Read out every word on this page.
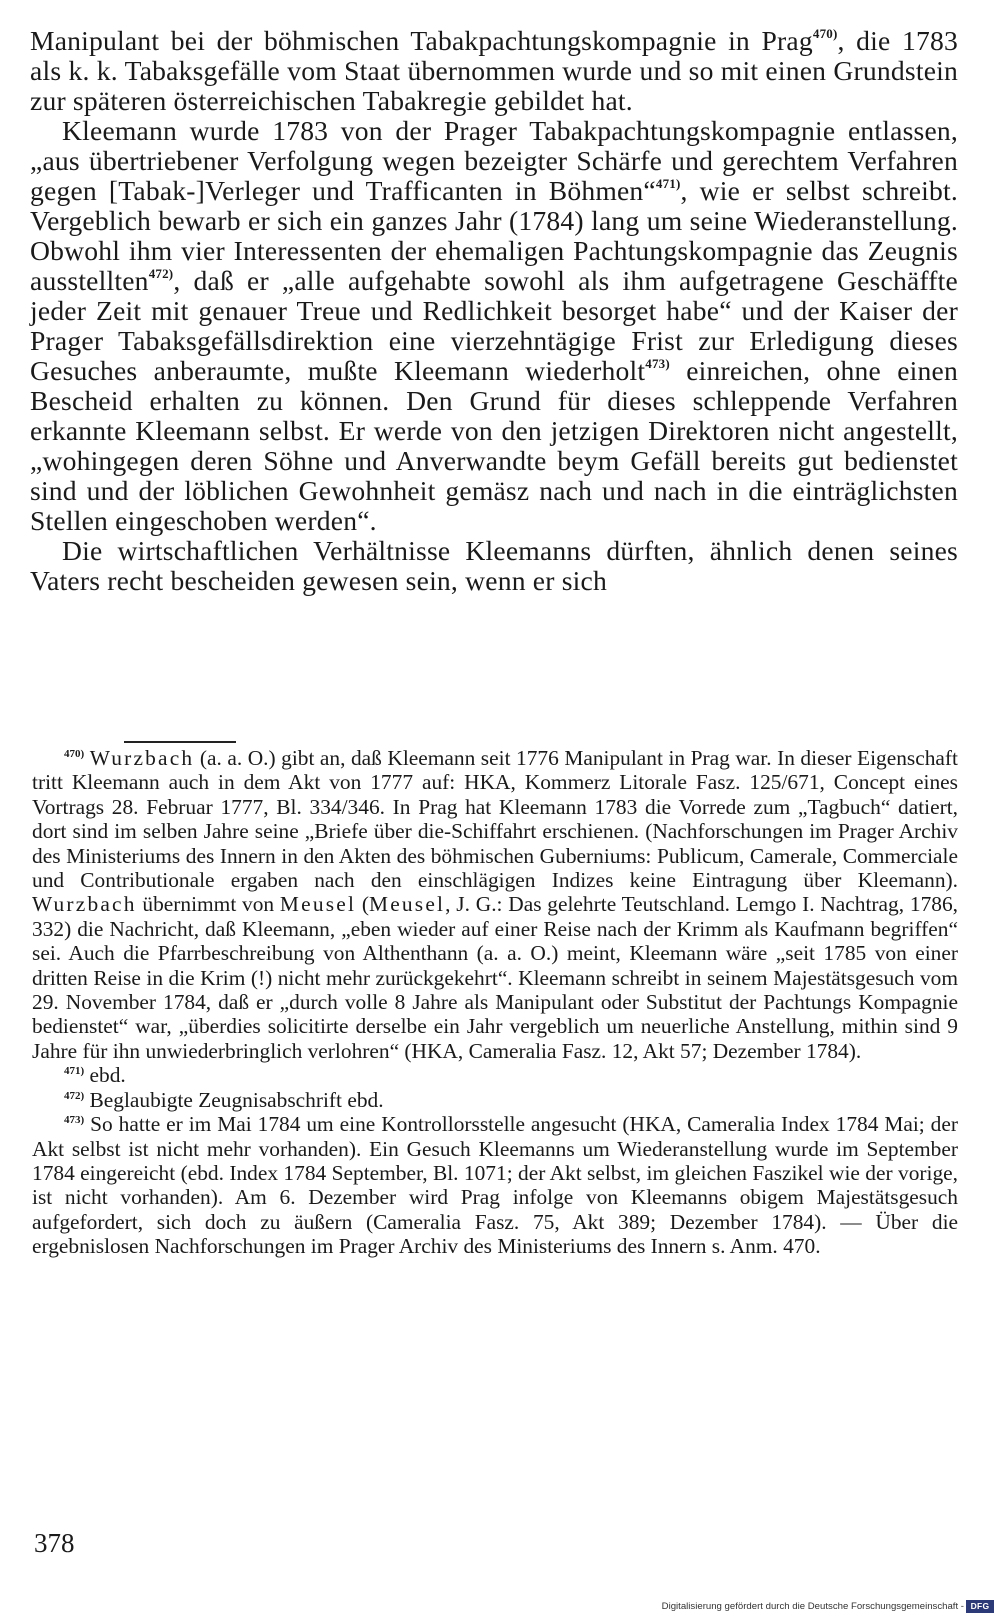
Manipulant bei der böhmischen Tabakpachtungskompagnie in Prag$^{470)}$, die 1783 als k. k. Tabaksgefälle vom Staat übernommen wurde und so mit einen Grundstein zur späteren österreichischen Tabakregie gebildet hat.

Kleemann wurde 1783 von der Prager Tabakpachtungskompagnie entlassen, „aus übertriebener Verfolgung wegen bezeigter Schärfe und gerechtem Verfahren gegen [Tabak-]Verleger und Trafficanten in Böhmen“$^{471)}$, wie er selbst schreibt. Vergeblich bewarb er sich ein ganzes Jahr (1784) lang um seine Wiederanstellung. Obwohl ihm vier Interessenten der ehemaligen Pachtungskompagnie das Zeugnis ausstellten$^{472)}$, daß er „alle aufgehabte sowohl als ihm aufgetragene Geschäffte jeder Zeit mit genauer Treue und Redlichkeit besorget habe“ und der Kaiser der Prager Tabaksgefällsdirektion eine vierzehntägige Frist zur Erledigung dieses Gesuches anberaumte, mußte Kleemann wiederholt$^{473)}$ einreichen, ohne einen Bescheid erhalten zu können. Den Grund für dieses schleppende Verfahren erkannte Kleemann selbst. Er werde von den jetzigen Direktoren nicht angestellt, „wohingegen deren Söhne und Anverwandte beym Gefäll bereits gut bedienstet sind und der löblichen Gewohnheit gemäsz nach und nach in die einträglichsten Stellen eingeschoben werden“.

Die wirtschaftlichen Verhältnisse Kleemanns dürften, ähnlich denen seines Vaters recht bescheiden gewesen sein, wenn er sich

$^{470)}$ Wurzbach (a. a. O.) gibt an, daß Kleemann seit 1776 Manipulant in Prag war. In dieser Eigenschaft tritt Kleemann auch in dem Akt von 1777 auf: HKA, Kommerz Litorale Fasz. 125/671, Concept eines Vortrags 28. Februar 1777, Bl. 334/346. In Prag hat Kleemann 1783 die Vorrede zum „Tagbuch“ datiert, dort sind im selben Jahre seine „Briefe über die-Schiffahrt erschienen. (Nachforschungen im Prager Archiv des Ministeriums des Innern in den Akten des böhmischen Guberniums: Publicum, Camerale, Commerciale und Contributionale ergaben nach den einschlägigen Indizes keine Eintragung über Kleemann). Wurzbach übernimmt von Meusel (Meusel, J. G.: Das gelehrte Teutschland. Lemgo I. Nachtrag, 1786, 332) die Nachricht, daß Kleemann, „eben wieder auf einer Reise nach der Krimm als Kaufmann begriffen“ sei. Auch die Pfarrbeschreibung von Althenthann (a. a. O.) meint, Kleemann wäre „seit 1785 von einer dritten Reise in die Krim (!) nicht mehr zurückgekehrt“. Kleemann schreibt in seinem Majestätsgesuch vom 29. November 1784, daß er „durch volle 8 Jahre als Manipulant oder Substitut der Pachtungs Kompagnie bedienstet“ war, „überdies solicitirte derselbe ein Jahr vergeblich um neuerliche Anstellung, mithin sind 9 Jahre für ihn unwiederbringlich verlohren“ (HKA, Cameralia Fasz. 12, Akt 57; Dezember 1784).

$^{471)}$ ebd.

$^{472)}$ Beglaubigte Zeugnisabschrift ebd.

$^{473)}$ So hatte er im Mai 1784 um eine Kontrollorsstelle angesucht (HKA, Cameralia Index 1784 Mai; der Akt selbst ist nicht mehr vorhanden). Ein Gesuch Kleemanns um Wiederanstellung wurde im September 1784 eingereicht (ebd. Index 1784 September, Bl. 1071; der Akt selbst, im gleichen Faszikel wie der vorige, ist nicht vorhanden). Am 6. Dezember wird Prag infolge von Kleemanns obigem Majestätsgesuch aufgefordert, sich doch zu äußern (Cameralia Fasz. 75, Akt 389; Dezember 1784). — Über die ergebnislosen Nachforschungen im Prager Archiv des Ministeriums des Innern s. Anm. 470.

378
Digitalisierung gefördert durch die Deutsche Forschungsgemeinschaft - DFG
